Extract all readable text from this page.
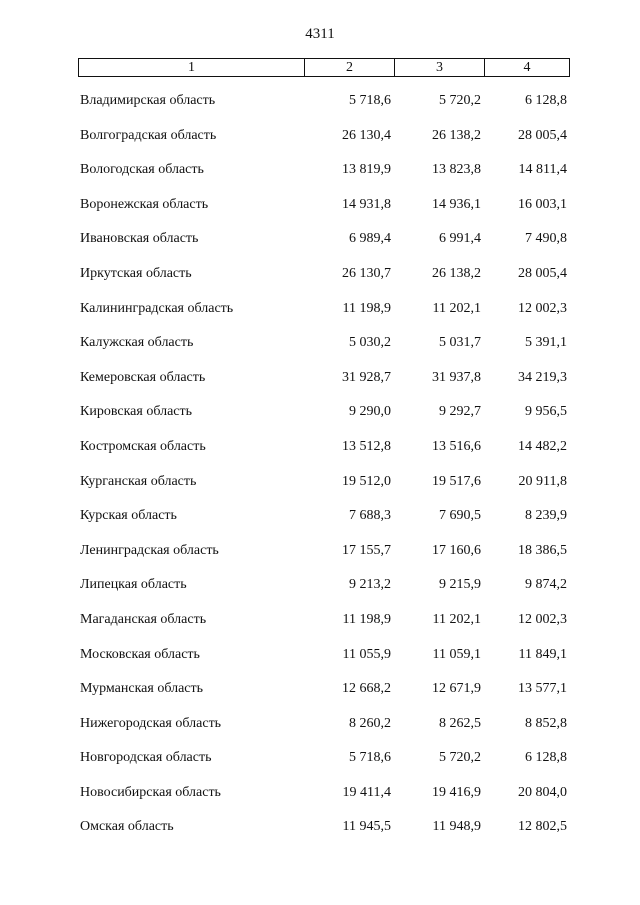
4311
1	2	3	4
Владимирская область	5 718,6	5 720,2	6 128,8
Волгоградская область	26 130,4	26 138,2	28 005,4
Вологодская область	13 819,9	13 823,8	14 811,4
Воронежская область	14 931,8	14 936,1	16 003,1
Ивановская область	6 989,4	6 991,4	7 490,8
Иркутская область	26 130,7	26 138,2	28 005,4
Калининградская область	11 198,9	11 202,1	12 002,3
Калужская область	5 030,2	5 031,7	5 391,1
Кемеровская область	31 928,7	31 937,8	34 219,3
Кировская область	9 290,0	9 292,7	9 956,5
Костромская область	13 512,8	13 516,6	14 482,2
Курганская область	19 512,0	19 517,6	20 911,8
Курская область	7 688,3	7 690,5	8 239,9
Ленинградская область	17 155,7	17 160,6	18 386,5
Липецкая область	9 213,2	9 215,9	9 874,2
Магаданская область	11 198,9	11 202,1	12 002,3
Московская область	11 055,9	11 059,1	11 849,1
Мурманская область	12 668,2	12 671,9	13 577,1
Нижегородская область	8 260,2	8 262,5	8 852,8
Новгородская область	5 718,6	5 720,2	6 128,8
Новосибирская область	19 411,4	19 416,9	20 804,0
Омская область	11 945,5	11 948,9	12 802,5
